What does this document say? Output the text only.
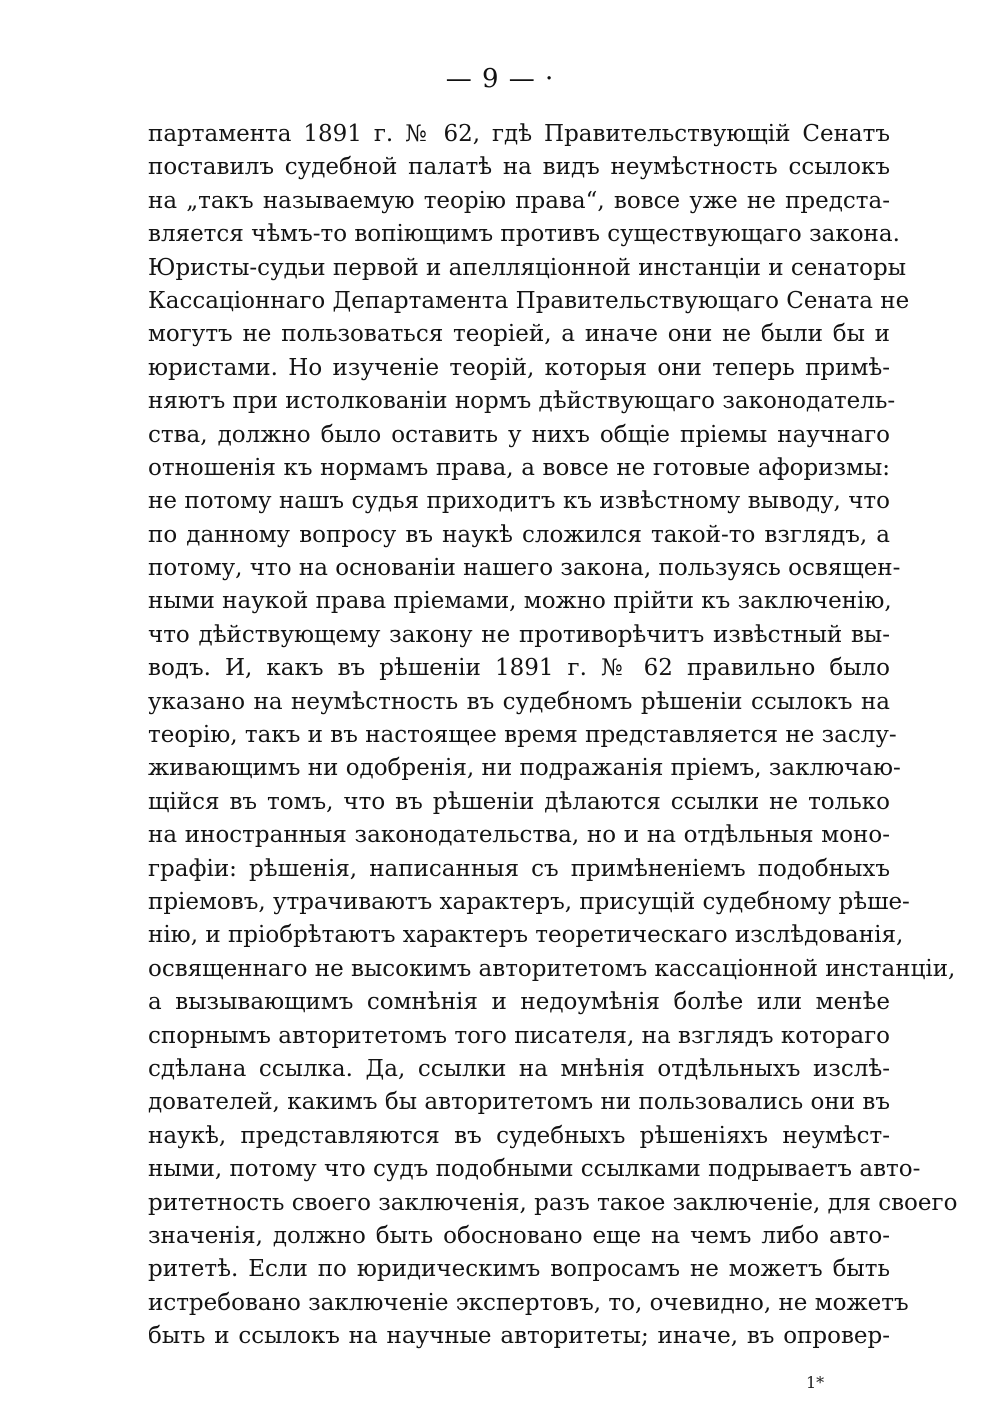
— 9 — ·
партамента 1891 г. № 62, гдѣ Правительствующій Сенатъ
поставилъ судебной палатѣ на видъ неумѣстность ссылокъ
на „такъ называемую теорію права“, вовсе уже не предста-
вляется чѣмъ-то вопіющимъ противъ существующаго закона.
Юристы-судьи первой и апелляціонной инстанціи и сенаторы
Кассаціоннаго Департамента Правительствующаго Сената не
могутъ не пользоваться теоріей, а иначе они не были бы и
юристами. Но изученіе теорій, которыя они теперь примѣ-
няютъ при истолкованіи нормъ дѣйствующаго законодатель-
ства, должно было оставить у нихъ общіе пріемы научнаго
отношенія къ нормамъ права, а вовсе не готовые афоризмы:
не потому нашъ судья приходитъ къ извѣстному выводу, что
по данному вопросу въ наукѣ сложился такой-то взглядъ, а
потому, что на основаніи нашего закона, пользуясь освящен-
ными наукой права пріемами, можно прійти къ заключенію,
что дѣйствующему закону не противорѣчитъ извѣстный вы-
водъ. И, какъ въ рѣшеніи 1891 г. № 62 правильно было
указано на неумѣстность въ судебномъ рѣшеніи ссылокъ на
теорію, такъ и въ настоящее время представляется не заслу-
живающимъ ни одобренія, ни подражанія пріемъ, заключаю-
щійся въ томъ, что въ рѣшеніи дѣлаются ссылки не только
на иностранныя законодательства, но и на отдѣльныя моно-
графіи: рѣшенія, написанныя съ примѣненіемъ подобныхъ
пріемовъ, утрачиваютъ характеръ, присущій судебному рѣше-
нію, и пріобрѣтаютъ характеръ теоретическаго изслѣдованія,
освященнаго не высокимъ авторитетомъ кассаціонной инстанціи,
а вызывающимъ сомнѣнія и недоумѣнія болѣе или менѣе
спорнымъ авторитетомъ того писателя, на взглядъ котораго
сдѣлана ссылка. Да, ссылки на мнѣнія отдѣльныхъ изслѣ-
дователей, какимъ бы авторитетомъ ни пользовались они въ
наукѣ, представляются въ судебныхъ рѣшеніяхъ неумѣст-
ными, потому что судъ подобными ссылками подрываетъ авто-
ритетность своего заключенія, разъ такое заключеніе, для своего
значенія, должно быть обосновано еще на чемъ либо авто-
ритетѣ. Если по юридическимъ вопросамъ не можетъ быть
истребовано заключеніе экспертовъ, то, очевидно, не можетъ
быть и ссылокъ на научные авторитеты; иначе, въ опровер-
1*
